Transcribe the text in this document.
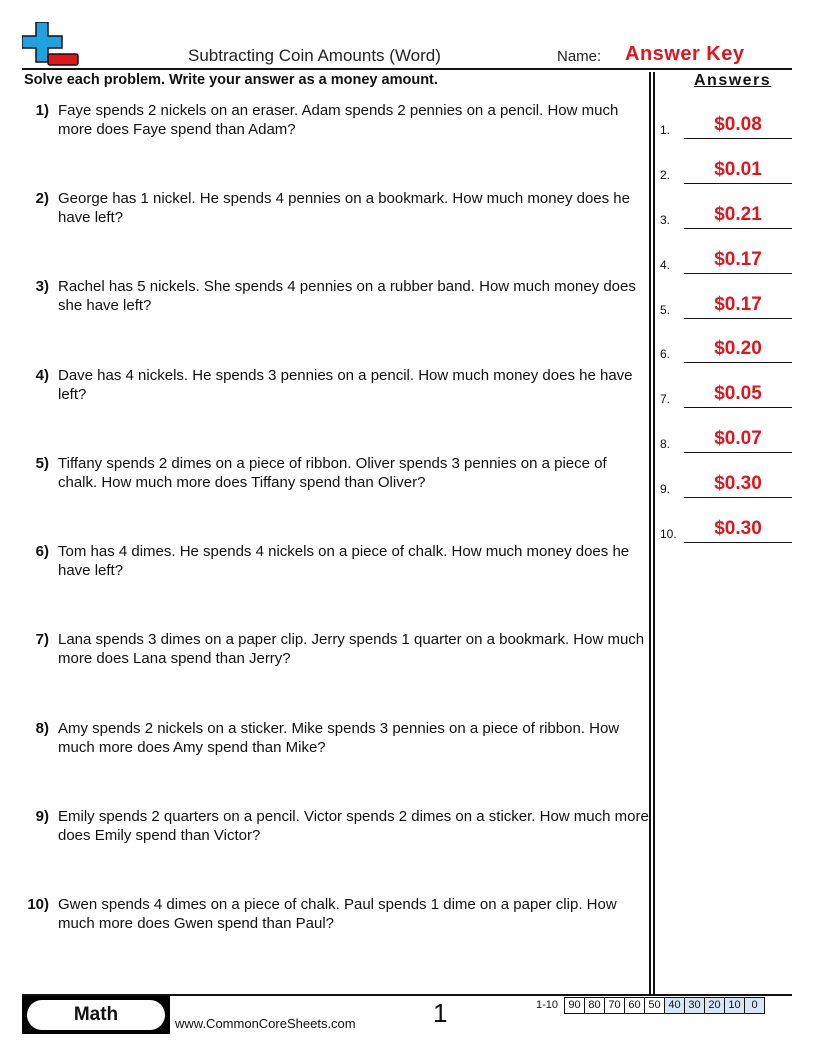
Subtracting Coin Amounts (Word)	Name: Answer Key
Solve each problem. Write your answer as a money amount.	Answers
1) Faye spends 2 nickels on an eraser. Adam spends 2 pennies on a pencil. How much more does Faye spend than Adam?
2) George has 1 nickel. He spends 4 pennies on a bookmark. How much money does he have left?
3) Rachel has 5 nickels. She spends 4 pennies on a rubber band. How much money does she have left?
4) Dave has 4 nickels. He spends 3 pennies on a pencil. How much money does he have left?
5) Tiffany spends 2 dimes on a piece of ribbon. Oliver spends 3 pennies on a piece of chalk. How much more does Tiffany spend than Oliver?
6) Tom has 4 dimes. He spends 4 nickels on a piece of chalk. How much money does he have left?
7) Lana spends 3 dimes on a paper clip. Jerry spends 1 quarter on a bookmark. How much more does Lana spend than Jerry?
8) Amy spends 2 nickels on a sticker. Mike spends 3 pennies on a piece of ribbon. How much more does Amy spend than Mike?
9) Emily spends 2 quarters on a pencil. Victor spends 2 dimes on a sticker. How much more does Emily spend than Victor?
10) Gwen spends 4 dimes on a piece of chalk. Paul spends 1 dime on a paper clip. How much more does Gwen spend than Paul?
1.	$0.08
2.	$0.01
3.	$0.21
4.	$0.17
5.	$0.17
6.	$0.20
7.	$0.05
8.	$0.07
9.	$0.30
10.	$0.30
Math	www.CommonCoreSheets.com	1	1-10 90 80 70 60 50 40 30 20 10 0
